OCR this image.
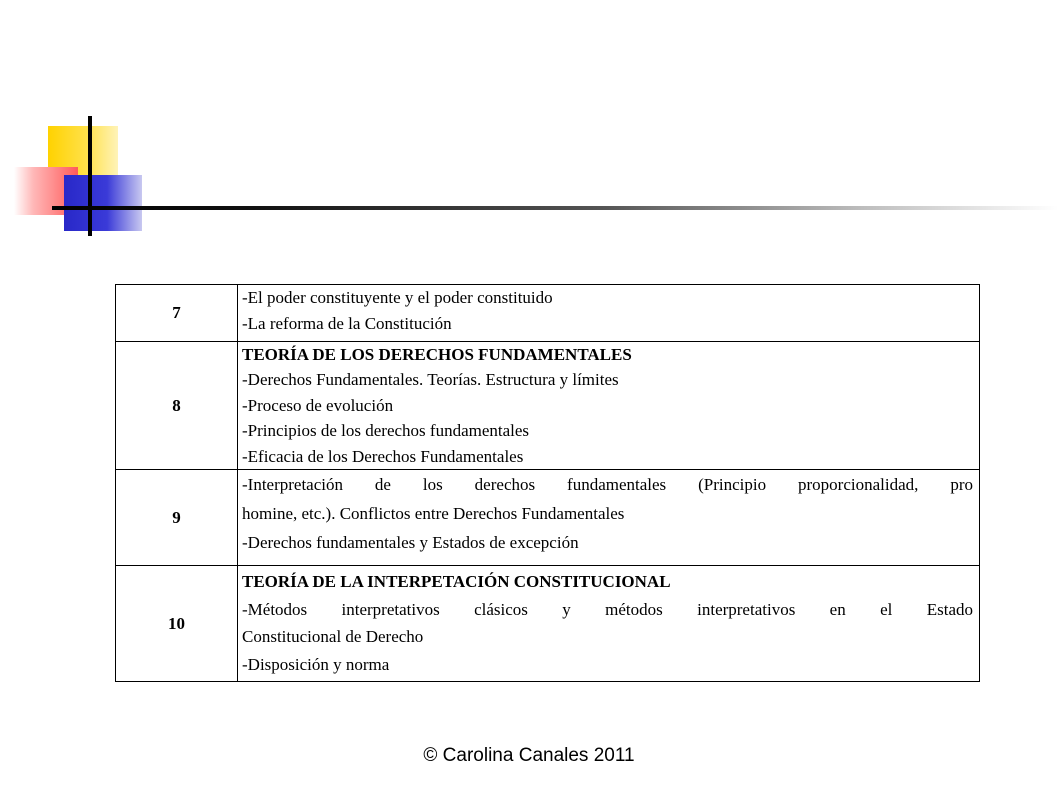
7	-El poder constituyente y el poder constituido
-La reforma de la Constitución

8	TEORÍA DE LOS DERECHOS FUNDAMENTALES
-Derechos Fundamentales. Teorías. Estructura y límites
-Proceso de evolución
-Principios de los derechos fundamentales
-Eficacia de los Derechos Fundamentales

9	-Interpretación de los derechos fundamentales (Principio proporcionalidad, pro
homine, etc.). Conflictos entre Derechos Fundamentales
-Derechos fundamentales y Estados de excepción

10	TEORÍA DE LA INTERPETACIÓN CONSTITUCIONAL
-Métodos interpretativos clásicos y métodos interpretativos en el Estado
Constitucional de Derecho
-Disposición y norma
© Carolina Canales 2011
